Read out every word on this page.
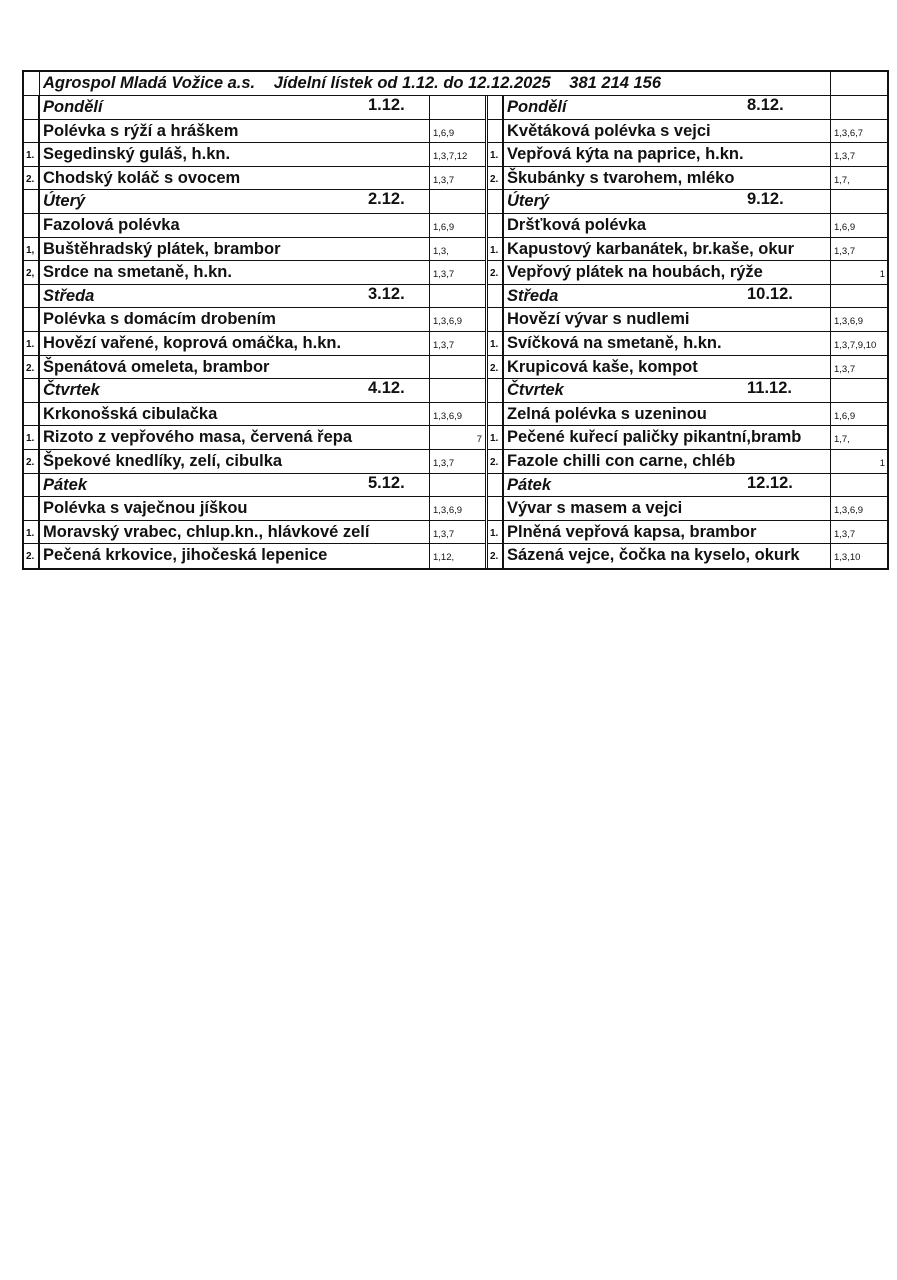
Agrospol Mladá Vožice a.s. Jídelní lístek od 1.12. do 12.12.2025 381 214 156
Pondělí	1.12.
Polévka s rýží a hráškem	1,6,9
1. Segedinský guláš, h.kn.	1,3,7,12
2. Chodský koláč s ovocem	1,3,7
Úterý	2.12.
Fazolová polévka	1,6,9
1, Buštěhradský plátek, brambor	1,3,
2, Srdce na smetaně, h.kn.	1,3,7
Středa	3.12.
Polévka s domácím drobením	1,3,6,9
1. Hovězí vařené, koprová omáčka, h.kn.	1,3,7
2. Špenátová omeleta, brambor
Čtvrtek	4.12.
Krkonošská cibulačka	1,3,6,9
1. Rizoto z vepřového masa, červená řepa	7
2. Špekové knedlíky, zelí, cibulka	1,3,7
Pátek	5.12.
Polévka s vaječnou jíškou	1,3,6,9
1. Moravský vrabec, chlup.kn., hlávkové zelí	1,3,7
2. Pečená krkovice, jihočeská lepenice	1,12,
Pondělí	8.12.
Květáková polévka s vejci	1,3,6,7
1. Vepřová kýta na paprice, h.kn.	1,3,7
2. Škubánky s tvarohem, mléko	1,7,
Úterý	9.12.
Dršťková polévka	1,6,9
1. Kapustový karbanátek, br.kaše, okur	1,3,7
2. Vepřový plátek na houbách, rýže	1
Středa	10.12.
Hovězí vývar s nudlemi	1,3,6,9
1. Svíčková na smetaně, h.kn.	1,3,7,9,10
2. Krupicová kaše, kompot	1,3,7
Čtvrtek	11.12.
Zelná polévka s uzeninou	1,6,9
1. Pečené kuřecí paličky pikantní,bramb	1,7,
2. Fazole chilli con carne, chléb	1
Pátek	12.12.
Vývar s masem a vejci	1,3,6,9
1. Plněná vepřová kapsa, brambor	1,3,7
2. Sázená vejce, čočka na kyselo, okurk	1,3,10
